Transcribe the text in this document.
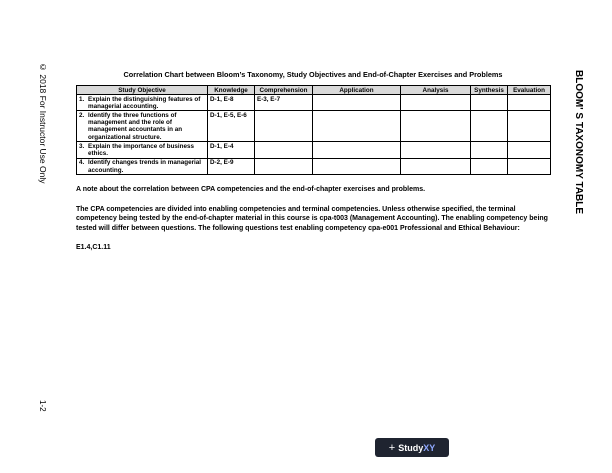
© 2018 For Instructor Use Only
1-2
BLOOM' S TAXONOMY TABLE
Correlation Chart between Bloom’s Taxonomy, Study Objectives and End-of-Chapter Exercises and Problems
Study Objective	Knowledge	Comprehension	Application	Analysis	Synthesis	Evaluation

1. Explain the distinguishing features of managerial accounting.	D-1, E-8	E-3, E-7				

2. Identify the three functions of management and the role of management accountants in an organizational structure.	D-1, E-5, E-6					

3. Explain the importance of business ethics.	D-1, E-4					

4. Identify changes trends in managerial accounting.	D-2, E-9					

A note about the correlation between CPA competencies and the end-of-chapter exercises and problems.

The CPA competencies are divided into enabling competencies and terminal competencies. Unless otherwise specified, the terminal competency being tested by the end-of-chapter material in this course is cpa-t003 (Management Accounting). The enabling competency being tested will differ between questions. The following questions test enabling competency cpa-e001 Professional and Ethical Behaviour:

E1.4,C1.11

+ Study XY
